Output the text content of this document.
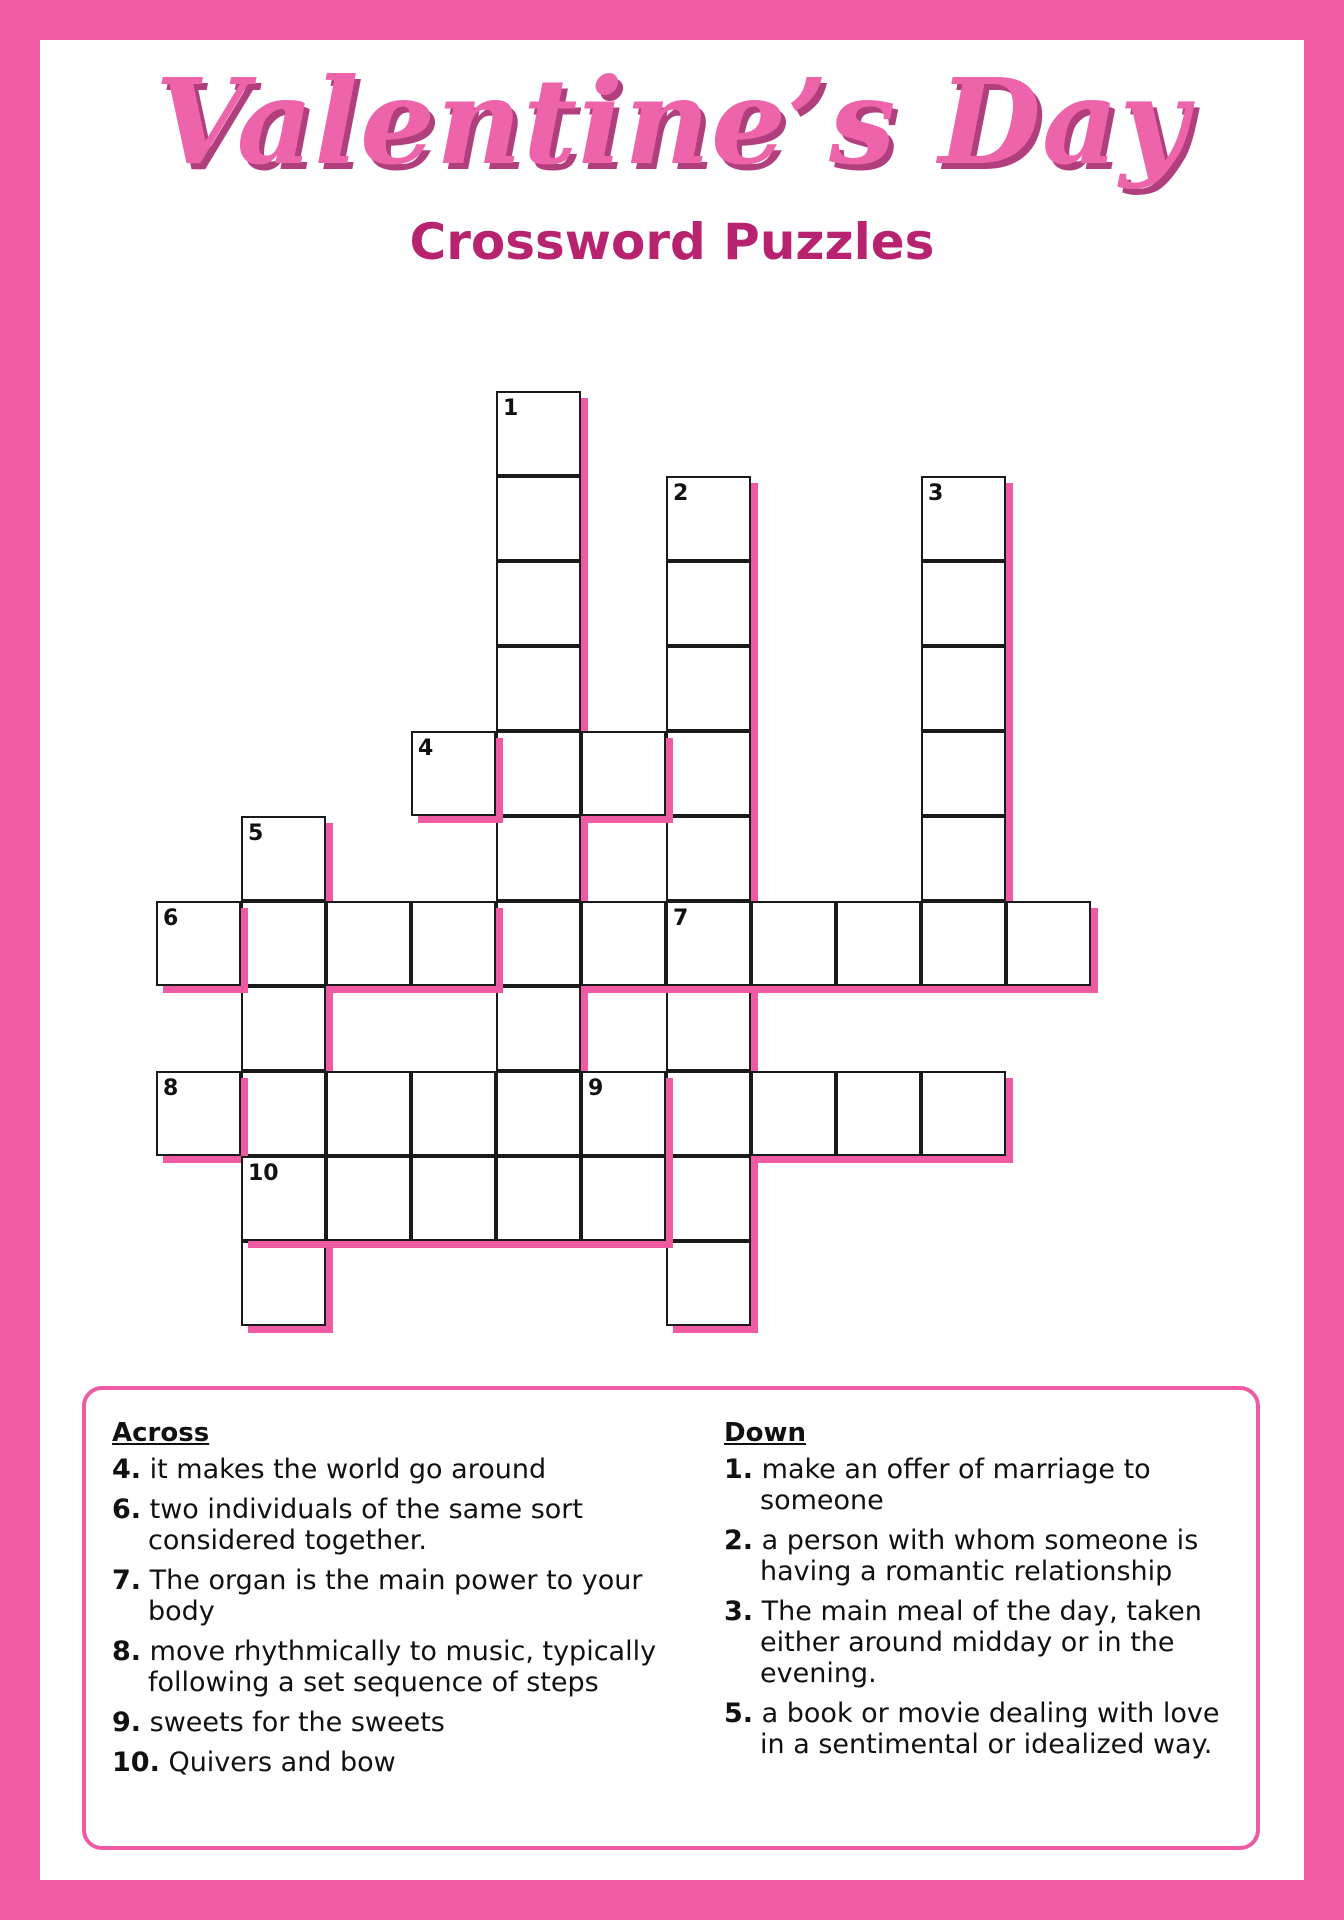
Valentine’s Day
Crossword Puzzles
1
2	3
4
5
6	7
8	9
10
Across
4. it makes the world go around
6. two individuals of the same sort considered together.
7. The organ is the main power to your body
8. move rhythmically to music, typically following a set sequence of steps
9. sweets for the sweets
10. Quivers and bow
Down
1. make an offer of marriage to someone
2. a person with whom someone is having a romantic relationship
3. The main meal of the day, taken either around midday or in the evening.
5. a book or movie dealing with love in a sentimental or idealized way.
